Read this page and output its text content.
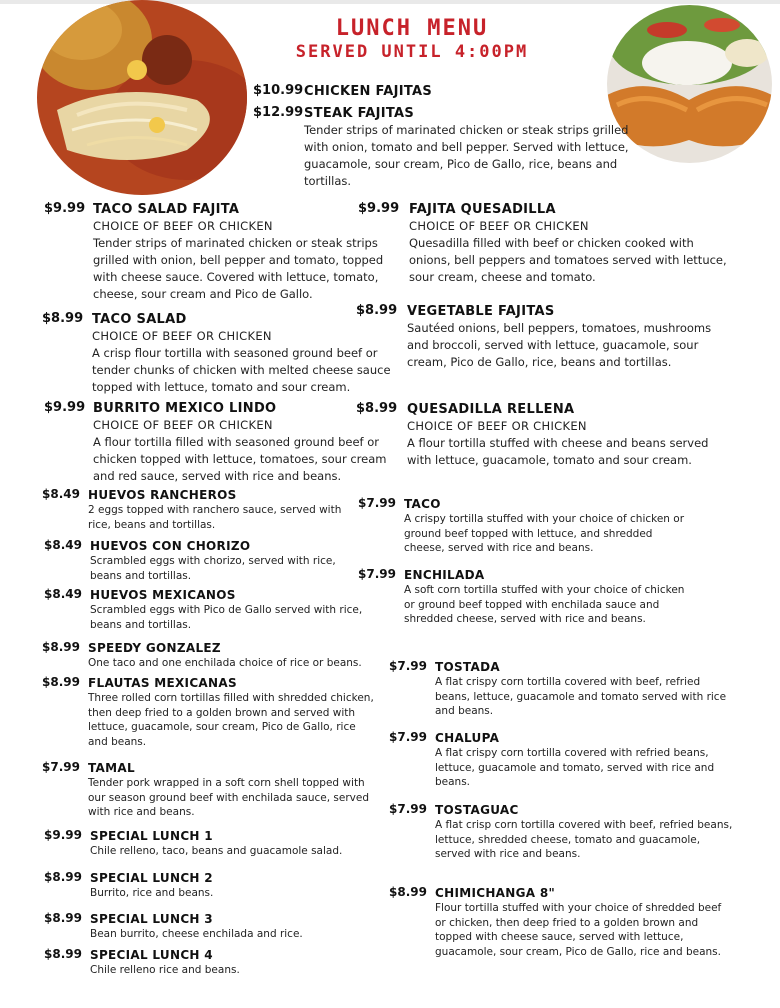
LUNCH MENU
SERVED UNTIL 4:00PM
$10.99 CHICKEN FAJITAS
$12.99 STEAK FAJITAS
Tender strips of marinated chicken or steak strips grilled with onion, tomato and bell pepper. Served with lettuce, guacamole, sour cream, Pico de Gallo, rice, beans and tortillas.
$9.99 TACO SALAD FAJITA
CHOICE OF BEEF OR CHICKEN
Tender strips of marinated chicken or steak strips grilled with onion, bell pepper and tomato, topped with cheese sauce. Covered with lettuce, tomato, cheese, sour cream and Pico de Gallo.
$8.99 TACO SALAD
CHOICE OF BEEF OR CHICKEN
A crisp flour tortilla with seasoned ground beef or tender chunks of chicken with melted cheese sauce topped with lettuce, tomato and sour cream.
$9.99 BURRITO MEXICO LINDO
CHOICE OF BEEF OR CHICKEN
A flour tortilla filled with seasoned ground beef or chicken topped with lettuce, tomatoes, sour cream and red sauce, served with rice and beans.
$8.49 HUEVOS RANCHEROS
2 eggs topped with ranchero sauce, served with rice, beans and tortillas.
$8.49 HUEVOS CON CHORIZO
Scrambled eggs with chorizo, served with rice, beans and tortillas.
$8.49 HUEVOS MEXICANOS
Scrambled eggs with Pico de Gallo served with rice, beans and tortillas.
$8.99 SPEEDY GONZALEZ
One taco and one enchilada choice of rice or beans.
$8.99 FLAUTAS MEXICANAS
Three rolled corn tortillas filled with shredded chicken, then deep fried to a golden brown and served with lettuce, guacamole, sour cream, Pico de Gallo, rice and beans.
$7.99 TAMAL
Tender pork wrapped in a soft corn shell topped with our season ground beef with enchilada sauce, served with rice and beans.
$9.99 SPECIAL LUNCH 1
Chile relleno, taco, beans and guacamole salad.
$8.99 SPECIAL LUNCH 2
Burrito, rice and beans.
$8.99 SPECIAL LUNCH 3
Bean burrito, cheese enchilada and rice.
$8.99 SPECIAL LUNCH 4
Chile relleno rice and beans.
$9.99 FAJITA QUESADILLA
CHOICE OF BEEF OR CHICKEN
Quesadilla filled with beef or chicken cooked with onions, bell peppers and tomatoes served with lettuce, sour cream, cheese and tomato.
$8.99 VEGETABLE FAJITAS
Sautéed onions, bell peppers, tomatoes, mushrooms and broccoli, served with lettuce, guacamole, sour cream, Pico de Gallo, rice, beans and tortillas.
$8.99 QUESADILLA RELLENA
CHOICE OF BEEF OR CHICKEN
A flour tortilla stuffed with cheese and beans served with lettuce, guacamole, tomato and sour cream.
$7.99 TACO
A crispy tortilla stuffed with your choice of chicken or ground beef topped with lettuce, and shredded cheese, served with rice and beans.
$7.99 ENCHILADA
A soft corn tortilla stuffed with your choice of chicken or ground beef topped with enchilada sauce and shredded cheese, served with rice and beans.
$7.99 TOSTADA
A flat crispy corn tortilla covered with beef, refried beans, lettuce, guacamole and tomato served with rice and beans.
$7.99 CHALUPA
A flat crispy corn tortilla covered with refried beans, lettuce, guacamole and tomato, served with rice and beans.
$7.99 TOSTAGUAC
A flat crisp corn tortilla covered with beef, refried beans, lettuce, shredded cheese, tomato and guacamole, served with rice and beans.
$8.99 CHIMICHANGA 8"
Flour tortilla stuffed with your choice of shredded beef or chicken, then deep fried to a golden brown and topped with cheese sauce, served with lettuce, guacamole, sour cream, Pico de Gallo, rice and beans.
